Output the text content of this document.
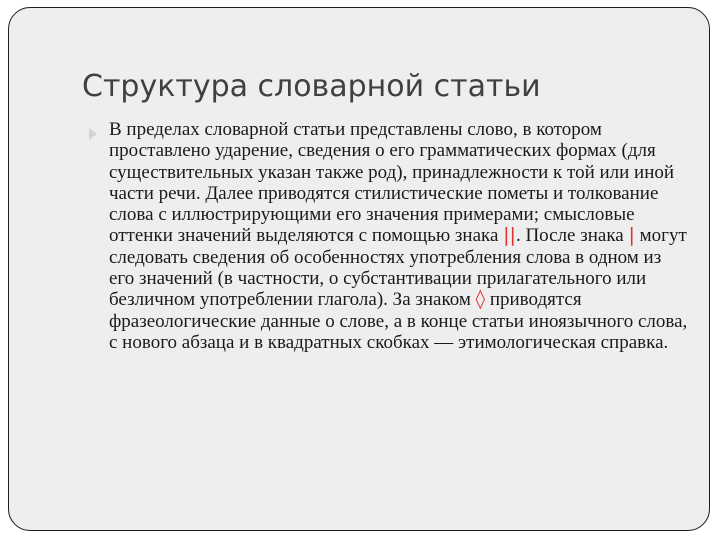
Структура словарной статьи

В пределах словарной статьи представлены слово, в котором проставлено ударение, сведения о его грамматических формах (для существительных указан также род), принадлежности к той или иной части речи. Далее приводятся стилистические пометы и толкование слова с иллюстрирующими его значения примерами; смысловые оттенки значений выделяются с помощью знака ||. После знака | могут следовать сведения об особенностях употребления слова в одном из его значений (в частности, о субстантивации прилагательного или безличном употреблении глагола). За знаком ◊ приводятся фразеологические данные о слове, а в конце статьи иноязычного слова, с нового абзаца и в квадратных скобках — этимологическая справка.
